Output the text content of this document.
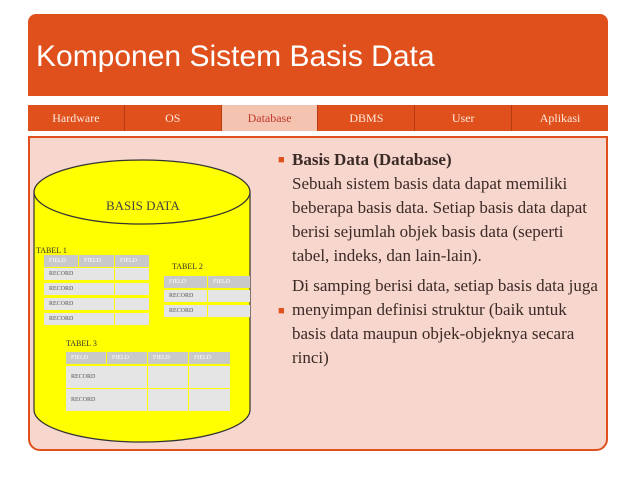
Komponen Sistem Basis Data
Hardware	OS	Database	DBMS	User	Aplikasi
BASIS DATA
TABEL 1
FIELD	FIELD	FIELD
RECORD
RECORD
RECORD
RECORD
TABEL 2
FIELD	FIELD
RECORD
RECORD
TABEL 3
FIELD	FIELD	FIELD	FIELD
RECORD
RECORD
■
■
Basis Data (Database)

Sebuah sistem basis data dapat memiliki beberapa basis data. Setiap basis data dapat berisi sejumlah objek basis data (seperti tabel, indeks, dan lain-lain).

Di samping berisi data, setiap basis data juga menyimpan definisi struktur (baik untuk basis data maupun objek-objeknya secara rinci)
